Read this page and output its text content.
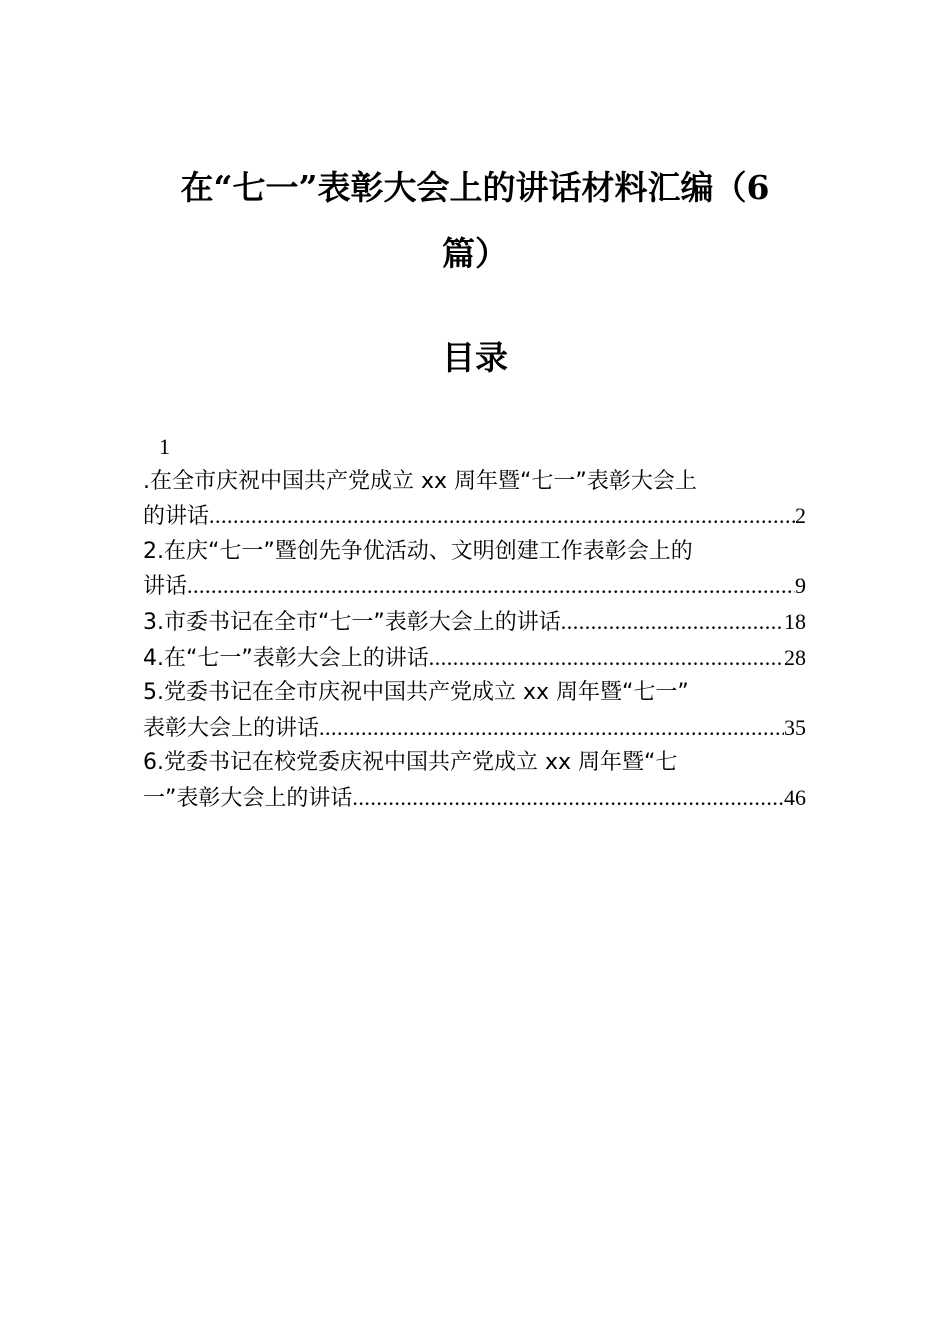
在“七一”表彰大会上的讲话材料汇编（6
篇）
目录
1
.在全市庆祝中国共产党成立 xx 周年暨“七一”表彰大会上
的讲话 .....	2
2.在庆“七一”暨创先争优活动、文明创建工作表彰会上的
讲话 .....	9
3.市委书记在全市“七一”表彰大会上的讲话 .....	18
4.在“七一”表彰大会上的讲话 .....	28
5.党委书记在全市庆祝中国共产党成立 xx 周年暨“七一”
表彰大会上的讲话 .....	35
6.党委书记在校党委庆祝中国共产党成立 xx 周年暨“七
一”表彰大会上的讲话 .....	46
